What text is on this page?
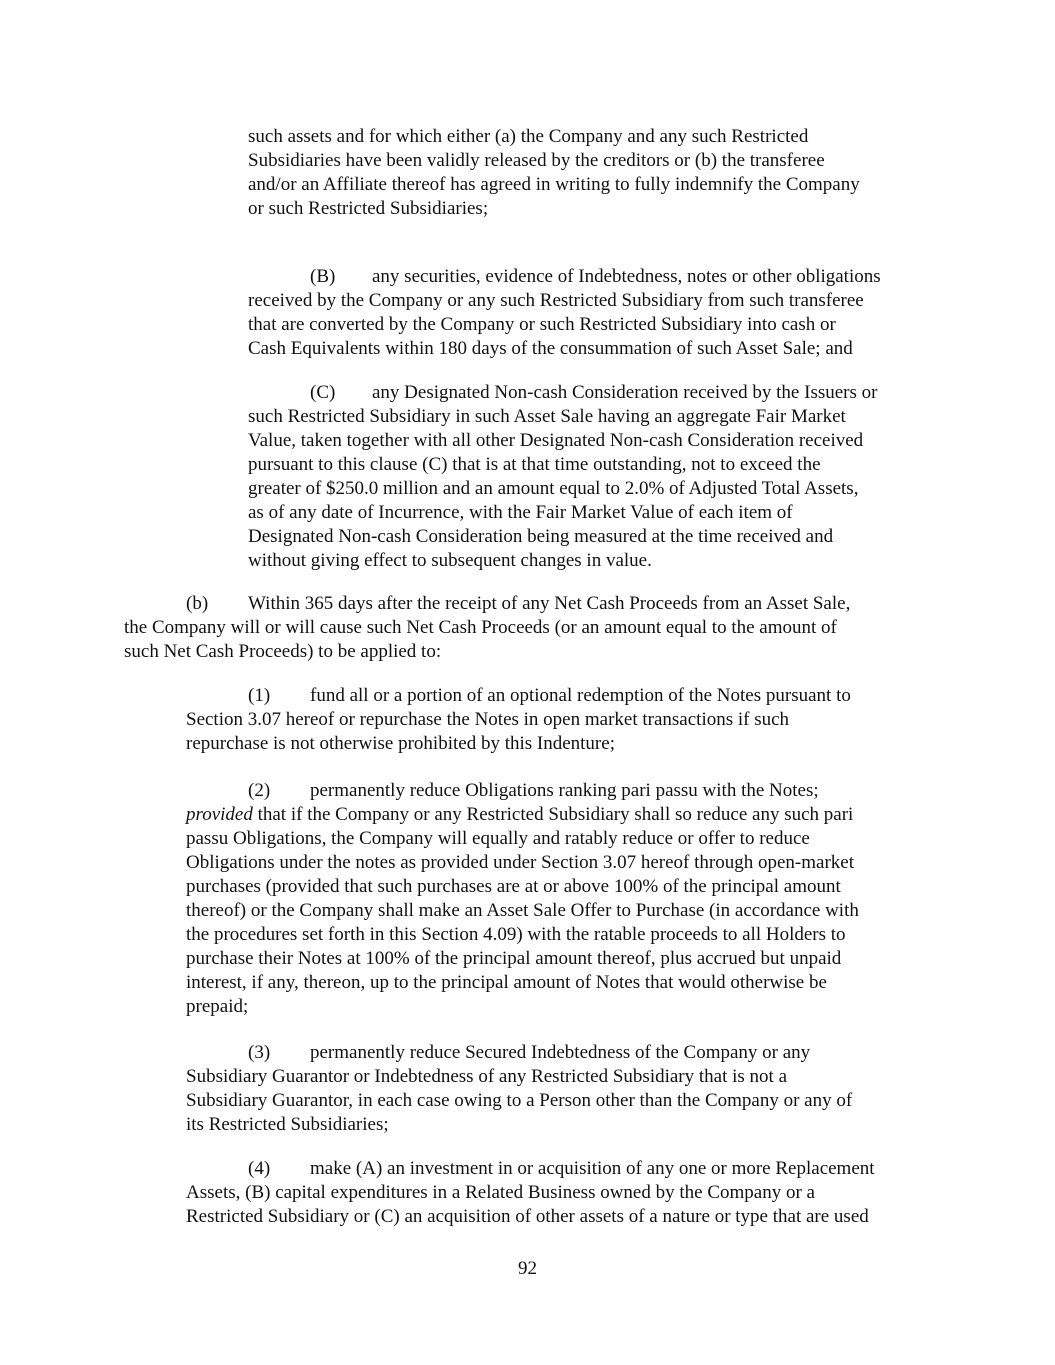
such assets and for which either (a) the Company and any such Restricted
Subsidiaries have been validly released by the creditors or (b) the transferee
and/or an Affiliate thereof has agreed in writing to fully indemnify the Company
or such Restricted Subsidiaries;

(B) any securities, evidence of Indebtedness, notes or other obligations
received by the Company or any such Restricted Subsidiary from such transferee
that are converted by the Company or such Restricted Subsidiary into cash or
Cash Equivalents within 180 days of the consummation of such Asset Sale; and

(C) any Designated Non-cash Consideration received by the Issuers or
such Restricted Subsidiary in such Asset Sale having an aggregate Fair Market
Value, taken together with all other Designated Non-cash Consideration received
pursuant to this clause (C) that is at that time outstanding, not to exceed the
greater of $250.0 million and an amount equal to 2.0% of Adjusted Total Assets,
as of any date of Incurrence, with the Fair Market Value of each item of
Designated Non-cash Consideration being measured at the time received and
without giving effect to subsequent changes in value.

(b) Within 365 days after the receipt of any Net Cash Proceeds from an Asset Sale,
the Company will or will cause such Net Cash Proceeds (or an amount equal to the amount of
such Net Cash Proceeds) to be applied to:

(1) fund all or a portion of an optional redemption of the Notes pursuant to
Section 3.07 hereof or repurchase the Notes in open market transactions if such
repurchase is not otherwise prohibited by this Indenture;

(2) permanently reduce Obligations ranking pari passu with the Notes;
provided that if the Company or any Restricted Subsidiary shall so reduce any such pari
passu Obligations, the Company will equally and ratably reduce or offer to reduce
Obligations under the notes as provided under Section 3.07 hereof through open-market
purchases (provided that such purchases are at or above 100% of the principal amount
thereof) or the Company shall make an Asset Sale Offer to Purchase (in accordance with
the procedures set forth in this Section 4.09) with the ratable proceeds to all Holders to
purchase their Notes at 100% of the principal amount thereof, plus accrued but unpaid
interest, if any, thereon, up to the principal amount of Notes that would otherwise be
prepaid;

(3) permanently reduce Secured Indebtedness of the Company or any
Subsidiary Guarantor or Indebtedness of any Restricted Subsidiary that is not a
Subsidiary Guarantor, in each case owing to a Person other than the Company or any of
its Restricted Subsidiaries;

(4) make (A) an investment in or acquisition of any one or more Replacement
Assets, (B) capital expenditures in a Related Business owned by the Company or a
Restricted Subsidiary or (C) an acquisition of other assets of a nature or type that are used

92
